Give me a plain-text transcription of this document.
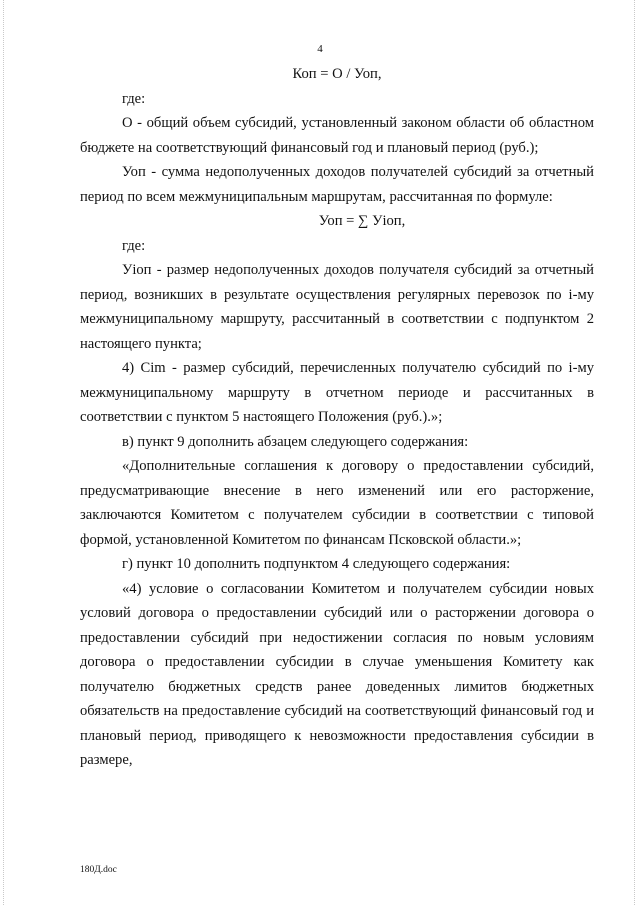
4

Коп = О / Уоп,

где:

О - общий объем субсидий, установленный законом области об областном бюджете на соответствующий финансовый год и плановый период (руб.);

Уоп - сумма недополученных доходов получателей субсидий за отчетный период по всем межмуниципальным маршрутам, рассчитанная по формуле:

Уоп = ∑ Уiоп,

где:

Уiоп - размер недополученных доходов получателя субсидий за отчетный период, возникших в результате осуществления регулярных перевозок по i-му межмуниципальному маршруту, рассчитанный в соответствии с подпунктом 2 настоящего пункта;

4) Сim - размер субсидий, перечисленных получателю субсидий по i-му межмуниципальному маршруту в отчетном периоде и рассчитанных в соответствии с пунктом 5 настоящего Положения (руб.).»;

в) пункт 9 дополнить абзацем следующего содержания:

«Дополнительные соглашения к договору о предоставлении субсидий, предусматривающие внесение в него изменений или его расторжение, заключаются Комитетом с получателем субсидии в соответствии с типовой формой, установленной Комитетом по финансам Псковской области.»;

г) пункт 10 дополнить подпунктом 4 следующего содержания:

«4) условие о согласовании Комитетом и получателем субсидии новых условий договора о предоставлении субсидий или о расторжении договора о предоставлении субсидий при недостижении согласия по новым условиям договора о предоставлении субсидии в случае уменьшения Комитету как получателю бюджетных средств ранее доведенных лимитов бюджетных обязательств на предоставление субсидий на соответствующий финансовый год и плановый период, приводящего к невозможности предоставления субсидии в размере,

180Д.doc
